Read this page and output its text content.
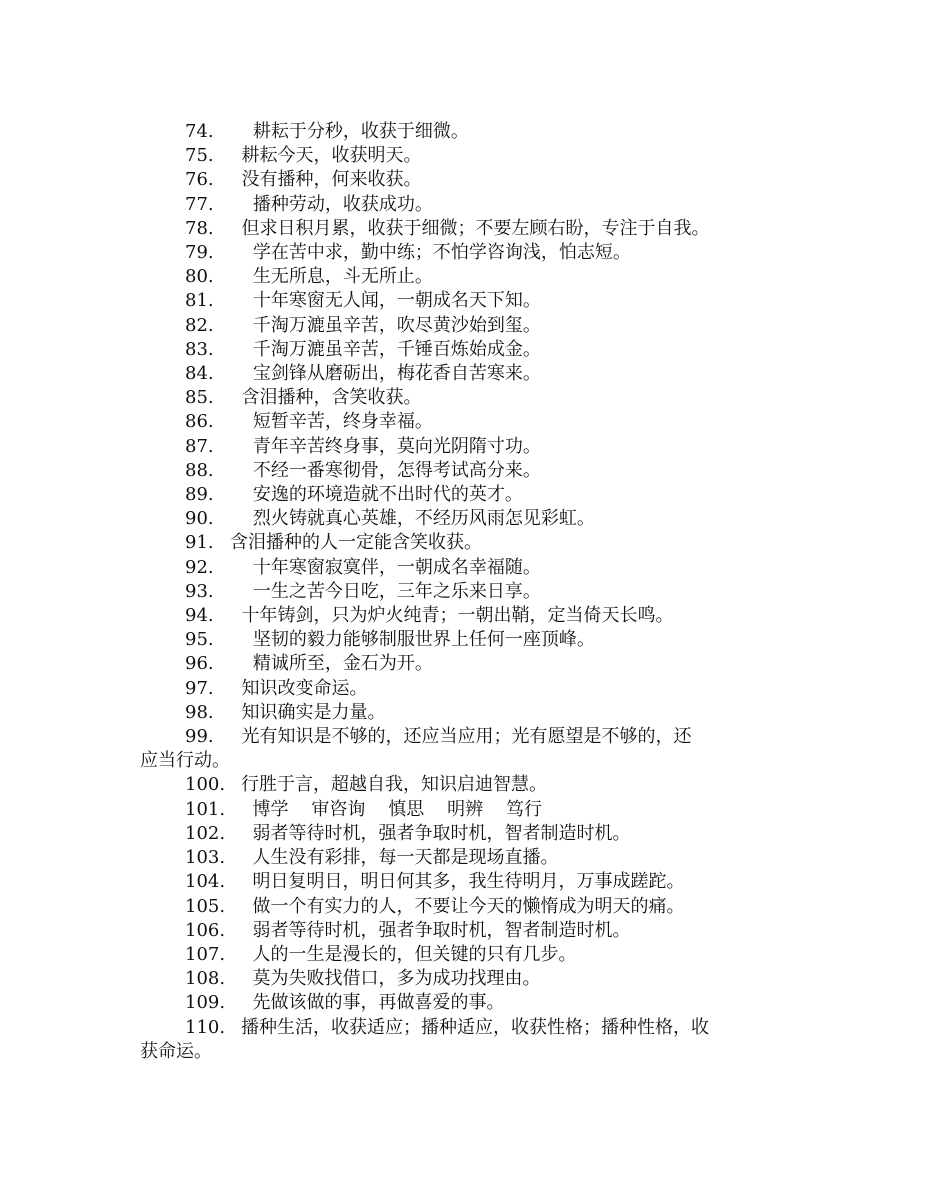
74.    耕耘于分秒，收获于细微。
75.  耕耘今天，收获明天。
76.  没有播种，何来收获。
77.    播种劳动，收获成功。
78.  但求日积月累，收获于细微；不要左顾右盼，专注于自我。
79.    学在苦中求，勤中练；不怕学咨询浅，怕志短。
80.    生无所息，斗无所止。
81.    十年寒窗无人闻，一朝成名天下知。
82.    千淘万漉虽辛苦，吹尽黄沙始到玺。
83.    千淘万漉虽辛苦，千锤百炼始成金。
84.    宝剑锋从磨砺出，梅花香自苦寒来。
85.  含泪播种，含笑收获。
86.    短暂辛苦，终身幸福。
87.    青年辛苦终身事，莫向光阴隋寸功。
88.    不经一番寒彻骨，怎得考试高分来。
89.    安逸的环境造就不出时代的英才。
90.    烈火铸就真心英雄，不经历风雨怎见彩虹。
91. 含泪播种的人一定能含笑收获。
92.    十年寒窗寂寞伴，一朝成名幸福随。
93.    一生之苦今日吃，三年之乐来日享。
94.  十年铸剑，只为炉火纯青；一朝出鞘，定当倚天长鸣。
95.    坚韧的毅力能够制服世界上任何一座顶峰。
96.    精诚所至，金石为开。
97.  知识改变命运。
98.  知识确实是力量。
99.  光有知识是不够的，还应当应用；光有愿望是不够的，还
应当行动。
100. 行胜于言，超越自我，知识启迪智慧。
101.  博学    审咨询    慎思    明辨    笃行
102.  弱者等待时机，强者争取时机，智者制造时机。
103.  人生没有彩排，每一天都是现场直播。
104.  明日复明日，明日何其多，我生待明月，万事成蹉跎。
105.  做一个有实力的人，不要让今天的懒惰成为明天的痛。
106.  弱者等待时机，强者争取时机，智者制造时机。
107.  人的一生是漫长的，但关键的只有几步。
108.  莫为失败找借口，多为成功找理由。
109.  先做该做的事，再做喜爱的事。
110. 播种生活，收获适应；播种适应，收获性格；播种性格，收
获命运。
